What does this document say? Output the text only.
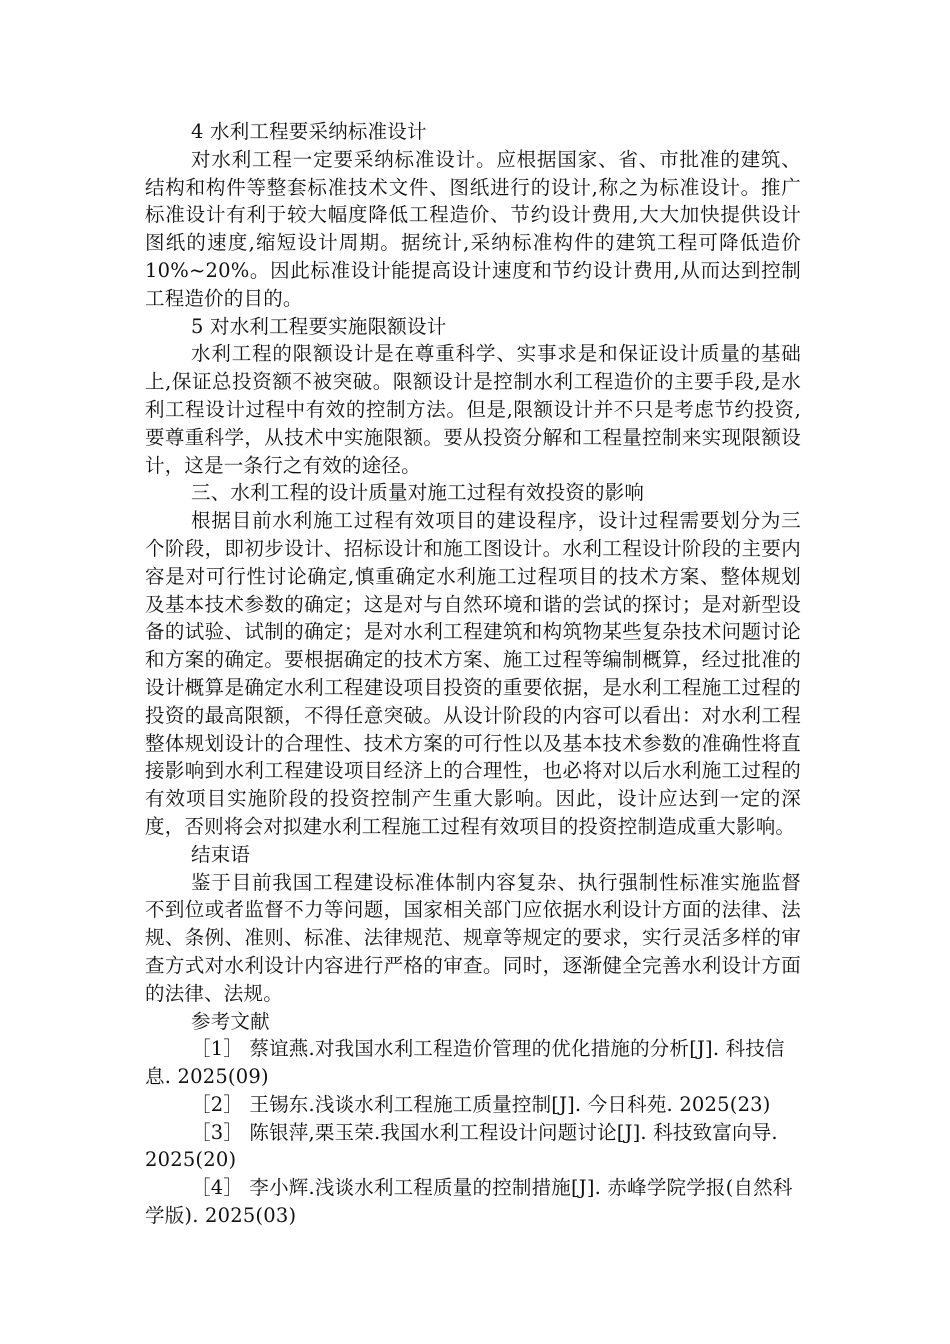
4 水利工程要采纳标准设计

对水利工程一定要采纳标准设计。应根据国家、省、市批准的建筑、结构和构件等整套标准技术文件、图纸进行的设计,称之为标准设计。推广标准设计有利于较大幅度降低工程造价、节约设计费用,大大加快提供设计图纸的速度,缩短设计周期。据统计,采纳标准构件的建筑工程可降低造价 10%~20%。因此标准设计能提高设计速度和节约设计费用,从而达到控制工程造价的目的。

5 对水利工程要实施限额设计

水利工程的限额设计是在尊重科学、实事求是和保证设计质量的基础上,保证总投资额不被突破。限额设计是控制水利工程造价的主要手段,是水利工程设计过程中有效的控制方法。但是,限额设计并不只是考虑节约投资,要尊重科学，从技术中实施限额。要从投资分解和工程量控制来实现限额设计，这是一条行之有效的途径。

三、水利工程的设计质量对施工过程有效投资的影响

根据目前水利施工过程有效项目的建设程序，设计过程需要划分为三个阶段，即初步设计、招标设计和施工图设计。水利工程设计阶段的主要内容是对可行性讨论确定,慎重确定水利施工过程项目的技术方案、整体规划及基本技术参数的确定；这是对与自然环境和谐的尝试的探讨；是对新型设备的试验、试制的确定；是对水利工程建筑和构筑物某些复杂技术问题讨论和方案的确定。要根据确定的技术方案、施工过程等编制概算，经过批准的设计概算是确定水利工程建设项目投资的重要依据，是水利工程施工过程的投资的最高限额，不得任意突破。从设计阶段的内容可以看出：对水利工程整体规划设计的合理性、技术方案的可行性以及基本技术参数的准确性将直接影响到水利工程建设项目经济上的合理性，也必将对以后水利施工过程的有效项目实施阶段的投资控制产生重大影响。因此，设计应达到一定的深度，否则将会对拟建水利工程施工过程有效项目的投资控制造成重大影响。

结束语

鉴于目前我国工程建设标准体制内容复杂、执行强制性标准实施监督不到位或者监督不力等问题，国家相关部门应依据水利设计方面的法律、法规、条例、准则、标准、法律规范、规章等规定的要求，实行灵活多样的审查方式对水利设计内容进行严格的审查。同时，逐渐健全完善水利设计方面的法律、法规。

参考文献

［1］ 蔡谊燕.对我国水利工程造价管理的优化措施的分析[J]. 科技信息. 2025(09)

［2］ 王锡东.浅谈水利工程施工质量控制[J]. 今日科苑. 2025(23)

［3］ 陈银萍,栗玉荣.我国水利工程设计问题讨论[J]. 科技致富向导. 2025(20)

［4］ 李小辉.浅谈水利工程质量的控制措施[J]. 赤峰学院学报(自然科学版). 2025(03)
